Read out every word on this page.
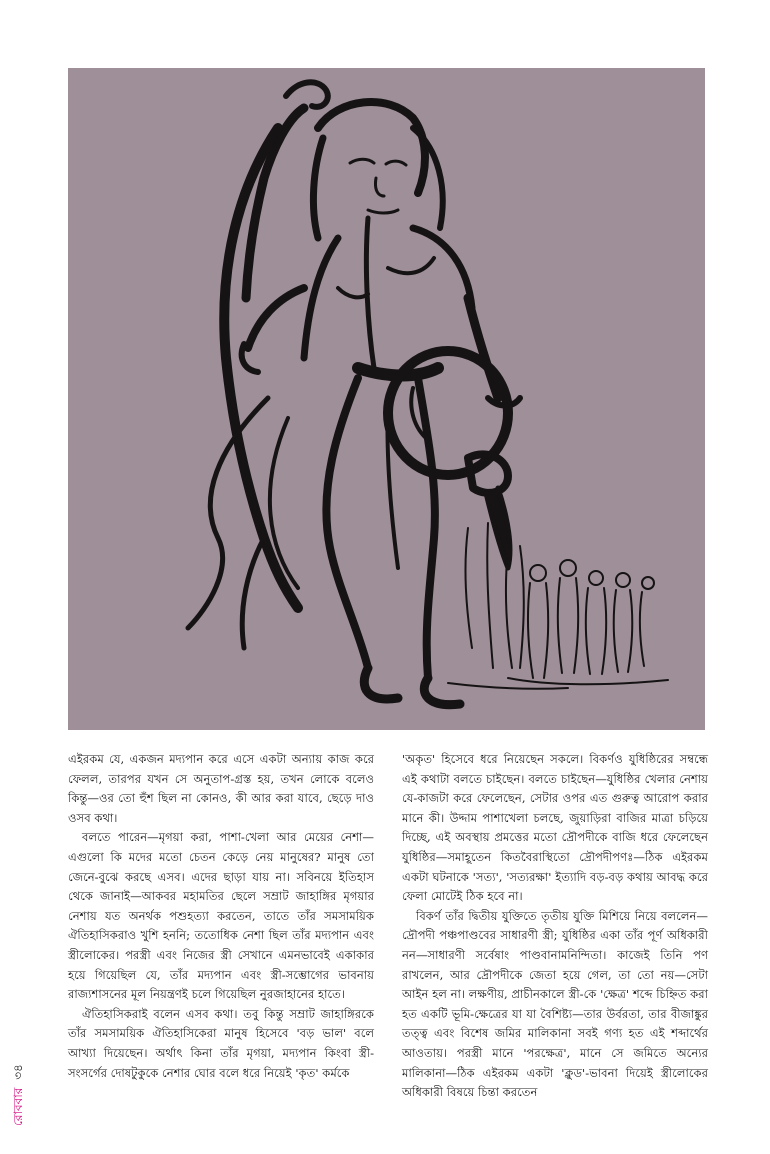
এইরকম যে, একজন মদ্যপান করে এসে একটা অন্যায় কাজ করে ফেলল, তারপর যখন সে অনুতাপ-গ্রস্ত হয়, তখন লোকে বলেও কিন্তু—ওর তো হুঁশ ছিল না কোনও, কী আর করা যাবে, ছেড়ে দাও ওসব কথা।

বলতে পারেন—মৃগয়া করা, পাশা-খেলা আর মেয়ের নেশা—এগুলো কি মদের মতো চেতন কেড়ে নেয় মানুষের? মানুষ তো জেনে-বুঝে করছে এসব। এদের ছাড়া যায় না। সবিনয়ে ইতিহাস থেকে জানাই—আকবর মহামতির ছেলে সম্রাট জাহাঙ্গির মৃগয়ার নেশায় যত অনর্থক পশুহত্যা করতেন, তাতে তাঁর সমসাময়িক ঐতিহাসিকরাও খুশি হননি; ততোধিক নেশা ছিল তাঁর মদ্যপান এবং স্ত্রীলোকের। পরস্ত্রী এবং নিজের স্ত্রী সেখানে এমনভাবেই একাকার হয়ে গিয়েছিল যে, তাঁর মদ্যপান এবং স্ত্রী-সম্ভোগের ভাবনায় রাজ্যশাসনের মূল নিয়ন্ত্রণই চলে গিয়েছিল নুরজাহানের হাতে।

ঐতিহাসিকরাই বলেন এসব কথা। তবু কিন্তু সম্রাট জাহাঙ্গিরকে তাঁর সমসাময়িক ঐতিহাসিকেরা মানুষ হিসেবে 'বড় ভাল' বলে আখ্যা দিয়েছেন। অর্থাৎ কিনা তাঁর মৃগয়া, মদ্যপান কিংবা স্ত্রী-সংসর্গের দোষটুকুকে নেশার ঘোর বলে ধরে নিয়েই 'কৃত' কর্মকে

'অকৃত' হিসেবে ধরে নিয়েছেন সকলে। বিকর্ণও যুধিষ্ঠিরের সম্বন্ধে এই কথাটা বলতে চাইছেন। বলতে চাইছেন—যুধিষ্ঠির খেলার নেশায় যে-কাজটা করে ফেলেছেন, সেটার ওপর এত গুরুত্ব আরোপ করার মানে কী। উদ্দাম পাশাখেলা চলছে, জুয়াড়িরা বাজির মাত্রা চড়িয়ে দিচ্ছে, এই অবস্থায় প্রমত্তের মতো দ্রৌপদীকে বাজি ধরে ফেলেছেন যুধিষ্ঠির—সমাহূতেন কিতবৈরাস্থিতো দ্রৌপদীপণঃ—ঠিক এইরকম একটা ঘটনাকে 'সত্য', 'সত্যরক্ষা' ইত্যাদি বড়-বড় কথায় আবদ্ধ করে ফেলা মোটেই ঠিক হবে না।

বিকর্ণ তাঁর দ্বিতীয় যুক্তিতে তৃতীয় যুক্তি মিশিয়ে নিয়ে বললেন—দ্রৌপদী পঞ্চপাণ্ডবের সাধারণী স্ত্রী; যুধিষ্ঠির একা তাঁর পূর্ণ অধিকারী নন—সাধারণী সর্বেষাং পাণ্ডবানামনিন্দিতা। কাজেই তিনি পণ রাখলেন, আর দ্রৌপদীকে জেতা হয়ে গেল, তা তো নয়—সেটা আইন হল না। লক্ষণীয়, প্রাচীনকালে স্ত্রী-কে 'ক্ষেত্র' শব্দে চিহ্নিত করা হত একটি ভূমি-ক্ষেত্রের যা যা বৈশিষ্ট্য—তার উর্বরতা, তার বীজাঙ্কুর তত্ত্ব এবং বিশেষ জমির মালিকানা সবই গণ্য হত এই শব্দার্থের আওতায়। পরস্ত্রী মানে 'পরক্ষেত্র', মানে সে জমিতে অন্যের মালিকানা—ঠিক এইরকম একটা 'ক্লুড'-ভাবনা দিয়েই স্ত্রীলোকের অধিকারী বিষয়ে চিন্তা করতেন

রোববার ৩৪
